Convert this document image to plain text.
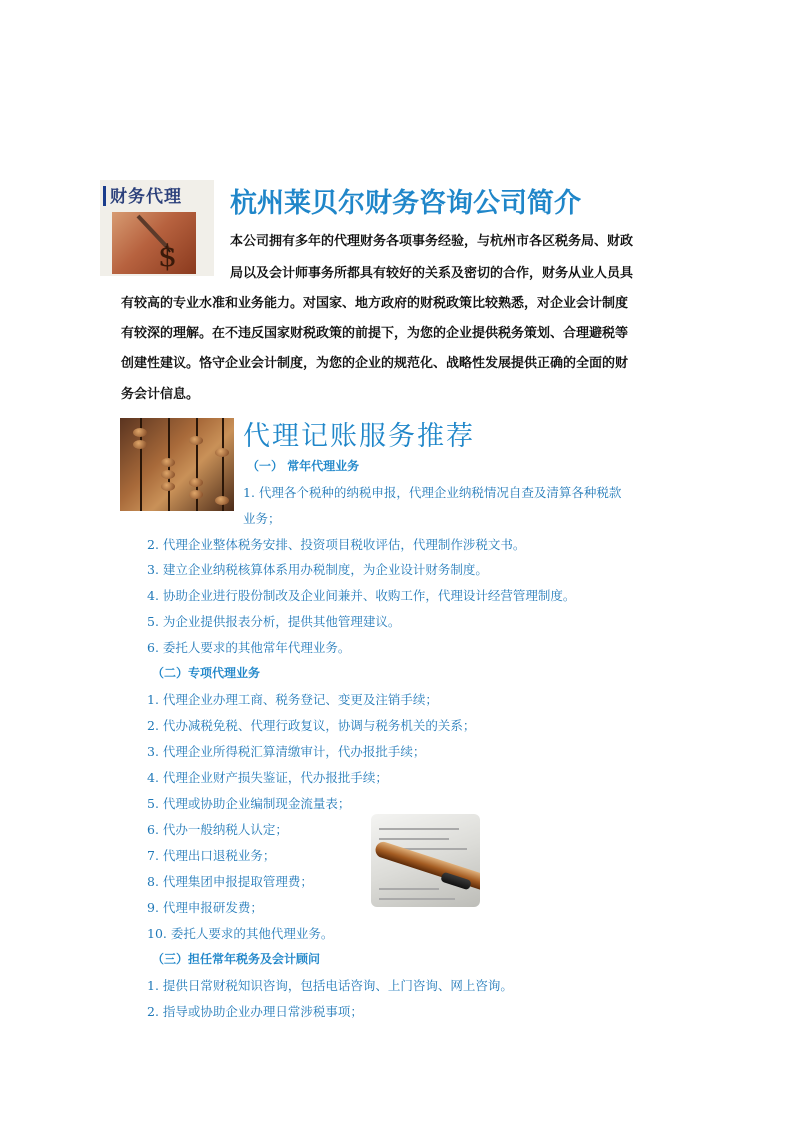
财务代理
$
杭州莱贝尔财务咨询公司简介
本公司拥有多年的代理财务各项事务经验，与杭州市各区税务局、财政
局以及会计师事务所都具有较好的关系及密切的合作，财务从业人员具
有较高的专业水准和业务能力。对国家、地方政府的财税政策比较熟悉，对企业会计制度
有较深的理解。在不违反国家财税政策的前提下，为您的企业提供税务策划、合理避税等
创建性建议。恪守企业会计制度，为您的企业的规范化、战略性发展提供正确的全面的财
务会计信息。
代理记账服务推荐
（一） 常年代理业务
1. 代理各个税种的纳税申报，代理企业纳税情况自查及清算各种税款
业务；
2. 代理企业整体税务安排、投资项目税收评估，代理制作涉税文书。
3. 建立企业纳税核算体系用办税制度，为企业设计财务制度。
4. 协助企业进行股份制改及企业间兼并、收购工作，代理设计经营管理制度。
5. 为企业提供报表分析，提供其他管理建议。
6. 委托人要求的其他常年代理业务。
（二）专项代理业务
1. 代理企业办理工商、税务登记、变更及注销手续；
2. 代办减税免税、代理行政复议，协调与税务机关的关系；
3. 代理企业所得税汇算清缴审计，代办报批手续；
4. 代理企业财产损失鉴证，代办报批手续；
5. 代理或协助企业编制现金流量表；
6. 代办一般纳税人认定；
7. 代理出口退税业务；
8. 代理集团申报提取管理费；
9. 代理申报研发费；
10. 委托人要求的其他代理业务。
（三）担任常年税务及会计顾问
1. 提供日常财税知识咨询，包括电话咨询、上门咨询、网上咨询。
2. 指导或协助企业办理日常涉税事项；
